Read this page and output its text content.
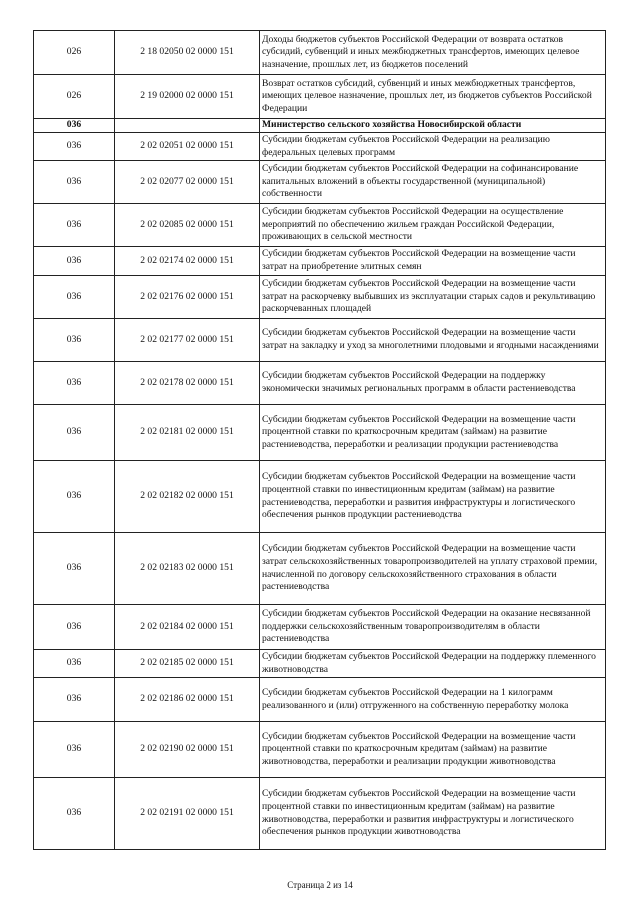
026	2 18 02050 02 0000 151	Доходы бюджетов субъектов Российской Федерации от возврата остатков субсидий, субвенций и иных межбюджетных трансфертов, имеющих целевое назначение, прошлых лет, из бюджетов поселений
026	2 19 02000 02 0000 151	Возврат остатков субсидий, субвенций и иных межбюджетных трансфертов, имеющих целевое назначение, прошлых лет, из бюджетов субъектов Российской Федерации
036		Министерство сельского хозяйства Новосибирской области
036	2 02 02051 02 0000 151	Субсидии бюджетам субъектов Российской Федерации на реализацию федеральных целевых программ
036	2 02 02077 02 0000 151	Субсидии бюджетам субъектов Российской Федерации на софинансирование капитальных вложений в объекты государственной (муниципальной) собственности
036	2 02 02085 02 0000 151	Субсидии бюджетам субъектов Российской Федерации на осуществление мероприятий по обеспечению жильем граждан Российской Федерации, проживающих в сельской местности
036	2 02 02174 02 0000 151	Субсидии бюджетам субъектов Российской Федерации на возмещение части затрат на приобретение элитных семян
036	2 02 02176 02 0000 151	Субсидии бюджетам субъектов Российской Федерации на возмещение части затрат на раскорчевку выбывших из эксплуатации старых садов и рекультивацию раскорчеванных площадей
036	2 02 02177 02 0000 151	Субсидии бюджетам субъектов Российской Федерации на возмещение части затрат на закладку и уход за многолетними плодовыми и ягодными насаждениями
036	2 02 02178 02 0000 151	Субсидии бюджетам субъектов Российской Федерации на поддержку экономически значимых региональных программ в области растениеводства
036	2 02 02181 02 0000 151	Субсидии бюджетам субъектов Российской Федерации на возмещение части процентной ставки по краткосрочным кредитам (займам) на развитие растениеводства, переработки и реализации продукции растениеводства
036	2 02 02182 02 0000 151	Субсидии бюджетам субъектов Российской Федерации на возмещение части процентной ставки по инвестиционным кредитам (займам) на развитие растениеводства, переработки и развития инфраструктуры и логистического обеспечения рынков продукции растениеводства
036	2 02 02183 02 0000 151	Субсидии бюджетам субъектов Российской Федерации на возмещение части затрат сельскохозяйственных товаропроизводителей на уплату страховой премии, начисленной по договору сельскохозяйственного страхования в области растениеводства
036	2 02 02184 02 0000 151	Субсидии бюджетам субъектов Российской Федерации на оказание несвязанной поддержки сельскохозяйственным товаропроизводителям в области растениеводства
036	2 02 02185 02 0000 151	Субсидии бюджетам субъектов Российской Федерации на поддержку племенного животноводства
036	2 02 02186 02 0000 151	Субсидии бюджетам субъектов Российской Федерации на 1 килограмм реализованного и (или) отгруженного на собственную переработку молока
036	2 02 02190 02 0000 151	Субсидии бюджетам субъектов Российской Федерации на возмещение части процентной ставки по краткосрочным кредитам (займам) на развитие животноводства, переработки и реализации продукции животноводства
036	2 02 02191 02 0000 151	Субсидии бюджетам субъектов Российской Федерации на возмещение части процентной ставки по инвестиционным кредитам (займам) на развитие животноводства, переработки и развития инфраструктуры и логистического обеспечения рынков продукции животноводства
Страница 2 из 14
